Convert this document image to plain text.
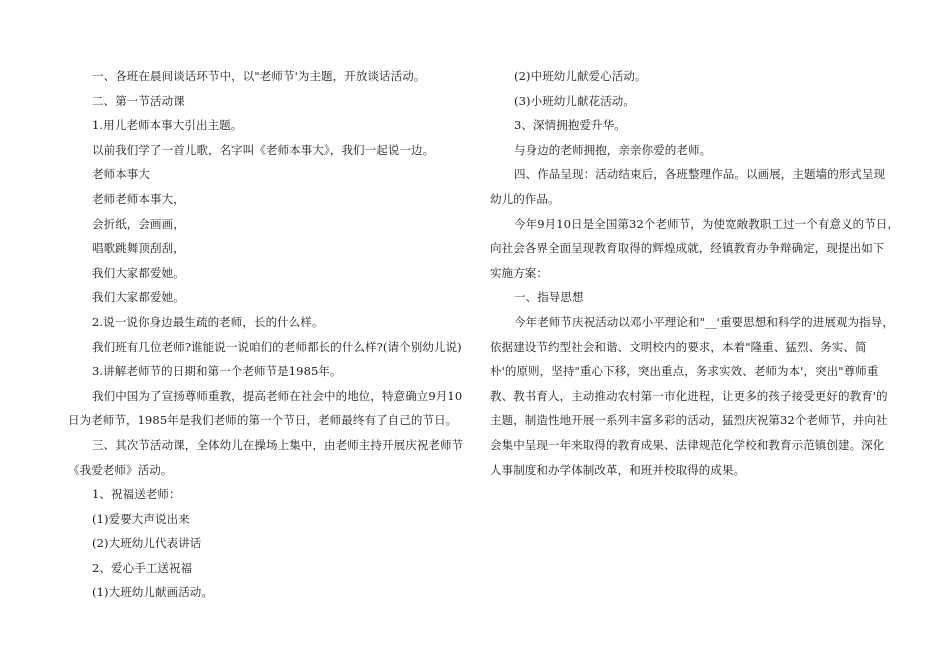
一、各班在晨间谈话环节中，以"老师节'为主题，开放谈话活动。
二、第一节活动课
1.用儿老师本事大引出主题。
以前我们学了一首儿歌，名字叫《老师本事大》，我们一起说一边。
老师本事大
老师老师本事大，
会折纸，会画画，
唱歌跳舞顶刮刮，
我们大家都爱她。
我们大家都爱她。
2.说一说你身边最生疏的老师，长的什么样。
我们班有几位老师?谁能说一说咱们的老师都长的什么样?(请个别幼儿说)
3.讲解老师节的日期和第一个老师节是1985年。
我们中国为了宣扬尊师重教，提高老师在社会中的地位，特意确立9月10
日为老师节，1985年是我们老师的第一个节日，老师最终有了自己的节日。
三、其次节活动课，全体幼儿在操场上集中，由老师主持开展庆祝老师节
《我爱老师》活动。
1、祝福送老师：
(1)爱要大声说出来
(2)大班幼儿代表讲话
2、爱心手工送祝福
(1)大班幼儿献画活动。
(2)中班幼儿献爱心活动。
(3)小班幼儿献花活动。
3、深情拥抱爱升华。
与身边的老师拥抱，亲亲你爱的老师。
四、作品呈现：活动结束后，各班整理作品。以画展，主题墙的形式呈现
幼儿的作品。
今年9月10日是全国第32个老师节，为使宽敞教职工过一个有意义的节日，
向社会各界全面呈现教育取得的辉煌成就，经镇教育办争辩确定，现提出如下
实施方案：
一、指导思想
今年老师节庆祝活动以邓小平理论和"__'重要思想和科学的进展观为指导，
依据建设节约型社会和谐、文明校内的要求，本着"隆重、猛烈、务实、简
朴'的原则，坚持"重心下移，突出重点，务求实效、老师为本'，突出"尊师重
教、教书育人，主动推动农村第一市化进程，让更多的孩子接受更好的教育'的
主题，制造性地开展一系列丰富多彩的活动，猛烈庆祝第32个老师节，并向社
会集中呈现一年来取得的教育成果、法律规范化学校和教育示范镇创建。深化
人事制度和办学体制改革，和班并校取得的成果。
